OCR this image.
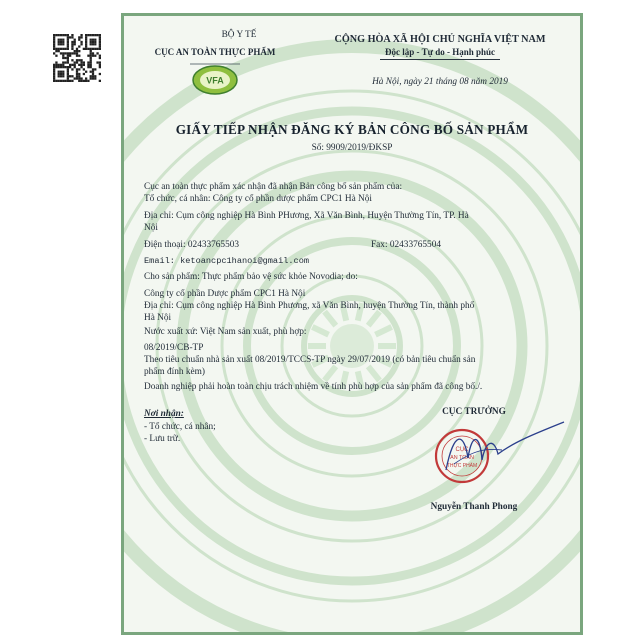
BỘ Y TẾ
CỤC AN TOÀN THỰC PHẨM
VFA
CỘNG HÒA XÃ HỘI CHỦ NGHĨA VIỆT NAM
Độc lập - Tự do - Hạnh phúc
Hà Nội, ngày 21 tháng 08 năm 2019
GIẤY TIẾP NHẬN ĐĂNG KÝ BẢN CÔNG BỐ SẢN PHẨM
Số: 9909/2019/ĐKSP
Cục an toàn thực phẩm xác nhận đã nhận Bản công bố sản phẩm của:
Tổ chức, cá nhân: Công ty cổ phần dược phẩm CPC1 Hà Nội
Địa chỉ: Cụm công nghiệp Hà Bình PHương, Xã Văn Bình, Huyện Thường Tín, TP. Hà
Nội
Điện thoại: 02433765503	Fax: 02433765504
Email: ketoancpc1hanoi@gmail.com
Cho sản phẩm: Thực phẩm bảo vệ sức khỏe Novodia; do:
Công ty cổ phần Dược phẩm CPC1 Hà Nội
Địa chỉ: Cụm công nghiệp Hà Bình Phương, xã Văn Bình, huyện Thường Tín, thành phố
Hà Nội
Nước xuất xứ: Việt Nam sản xuất, phù hợp:
08/2019/CB-TP
Theo tiêu chuẩn nhà sản xuất 08/2019/TCCS-TP ngày 29/07/2019 (có bản tiêu chuẩn sản
phẩm đính kèm)
Doanh nghiệp phải hoàn toàn chịu trách nhiệm về tính phù hợp của sản phẩm đã công bố./.
Nơi nhận:
- Tổ chức, cá nhân;
- Lưu trữ.
CỤC TRƯỞNG
CỤC
AN TOÀN
THỰC PHẨM
Nguyễn Thanh Phong
